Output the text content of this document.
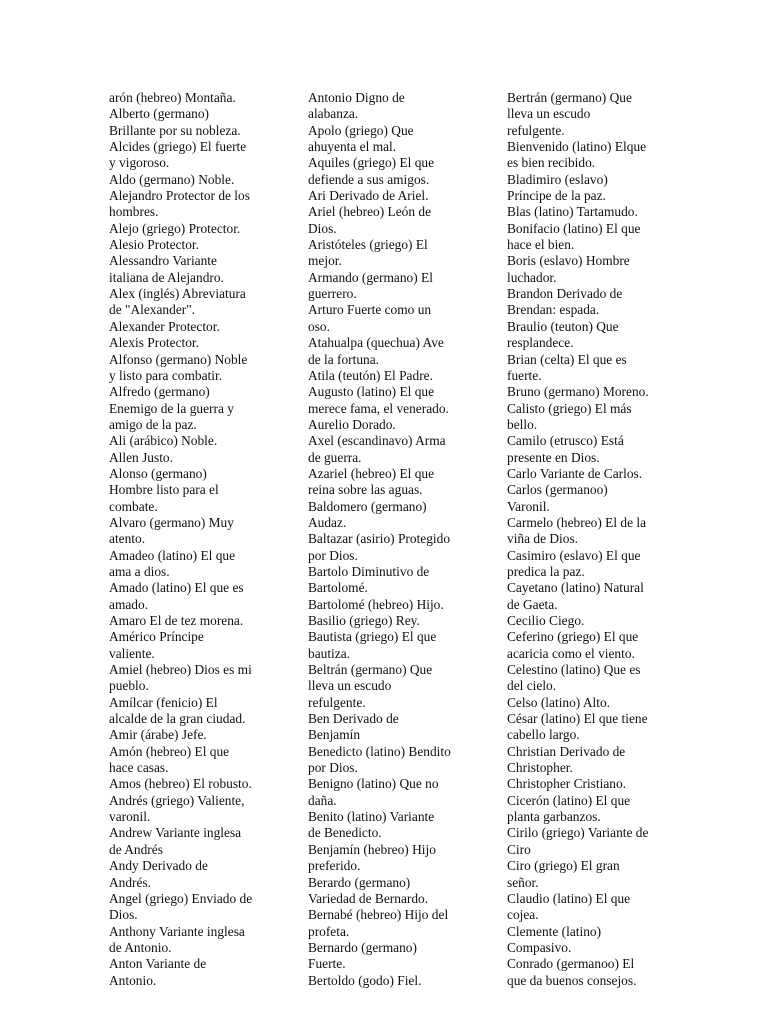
arón (hebreo) Montaña.

Alberto (germano)

Brillante por su nobleza.

Alcides (griego) El fuerte

y vigoroso.

Aldo (germano) Noble.

Alejandro Protector de los

hombres.

Alejo (griego) Protector.

Alesio Protector.

Alessandro Variante

italiana de Alejandro.

Alex (inglés) Abreviatura

de "Alexander".

Alexander Protector.

Alexis Protector.

Alfonso (germano) Noble

y listo para combatir.

Alfredo (germano)

Enemigo de la guerra y

amigo de la paz.

Ali (arábico) Noble.

Allen Justo.

Alonso (germano)

Hombre listo para el

combate.

Alvaro (germano) Muy

atento.

Amadeo (latino) El que

ama a dios.

Amado (latino) El que es

amado.

Amaro El de tez morena.

Américo Príncipe

valiente.

Amiel (hebreo) Dios es mi

pueblo.

Amílcar (fenicio) El

alcalde de la gran ciudad.

Amir (árabe) Jefe.

Amón (hebreo) El que

hace casas.

Amos (hebreo) El robusto.

Andrés (griego) Valiente,

varonil.

Andrew Variante inglesa

de Andrés

Andy Derivado de

Andrés.

Angel (griego) Enviado de

Dios.

Anthony Variante inglesa

de Antonio.

Anton Variante de

Antonio.

Antonio Digno de

alabanza.

Apolo (griego) Que

ahuyenta el mal.

Aquiles (griego) El que

defiende a sus amigos.

Ari Derivado de Ariel.

Ariel (hebreo) León de

Dios.

Aristóteles (griego) El

mejor.

Armando (germano) El

guerrero.

Arturo Fuerte como un

oso.

Atahualpa (quechua) Ave

de la fortuna.

Atila (teutón) El Padre.

Augusto (latino) El que

merece fama, el venerado.

Aurelio Dorado.

Axel (escandinavo) Arma

de guerra.

Azariel (hebreo) El que

reina sobre las aguas.

Baldomero (germano)

Audaz.

Baltazar (asirio) Protegido

por Dios.

Bartolo Diminutivo de

Bartolomé.

Bartolomé (hebreo) Hijo.

Basilio (griego) Rey.

Bautista (griego) El que

bautiza.

Beltrán (germano) Que

lleva un escudo

refulgente.

Ben Derivado de

Benjamín

Benedicto (latino) Bendito

por Dios.

Benigno (latino) Que no

daña.

Benito (latino) Variante

de Benedicto.

Benjamín (hebreo) Hijo

preferido.

Berardo (germano)

Variedad de Bernardo.

Bernabé (hebreo) Hijo del

profeta.

Bernardo (germano)

Fuerte.

Bertoldo (godo) Fiel.

Bertrán (germano) Que

lleva un escudo

refulgente.

Bienvenido (latino) Elque

es bien recibido.

Bladimiro (eslavo)

Príncipe de la paz.

Blas (latino) Tartamudo.

Bonifacio (latino) El que

hace el bien.

Boris (eslavo) Hombre

luchador.

Brandon Derivado de

Brendan: espada.

Braulio (teuton) Que

resplandece.

Brian (celta) El que es

fuerte.

Bruno (germano) Moreno.

Calisto (griego) El más

bello.

Camilo (etrusco) Está

presente en Dios.

Carlo Variante de Carlos.

Carlos (germanoo)

Varonil.

Carmelo (hebreo) El de la

viña de Dios.

Casimiro (eslavo) El que

predica la paz.

Cayetano (latino) Natural

de Gaeta.

Cecilio Ciego.

Ceferino (griego) El que

acaricia como el viento.

Celestino (latino) Que es

del cielo.

Celso (latino) Alto.

César (latino) El que tiene

cabello largo.

Christian Derivado de

Christopher.

Christopher Cristiano.

Cicerón (latino) El que

planta garbanzos.

Cirilo (griego) Variante de

Ciro

Ciro (griego) El gran

señor.

Claudio (latino) El que

cojea.

Clemente (latino)

Compasivo.

Conrado (germanoo) El

que da buenos consejos.
